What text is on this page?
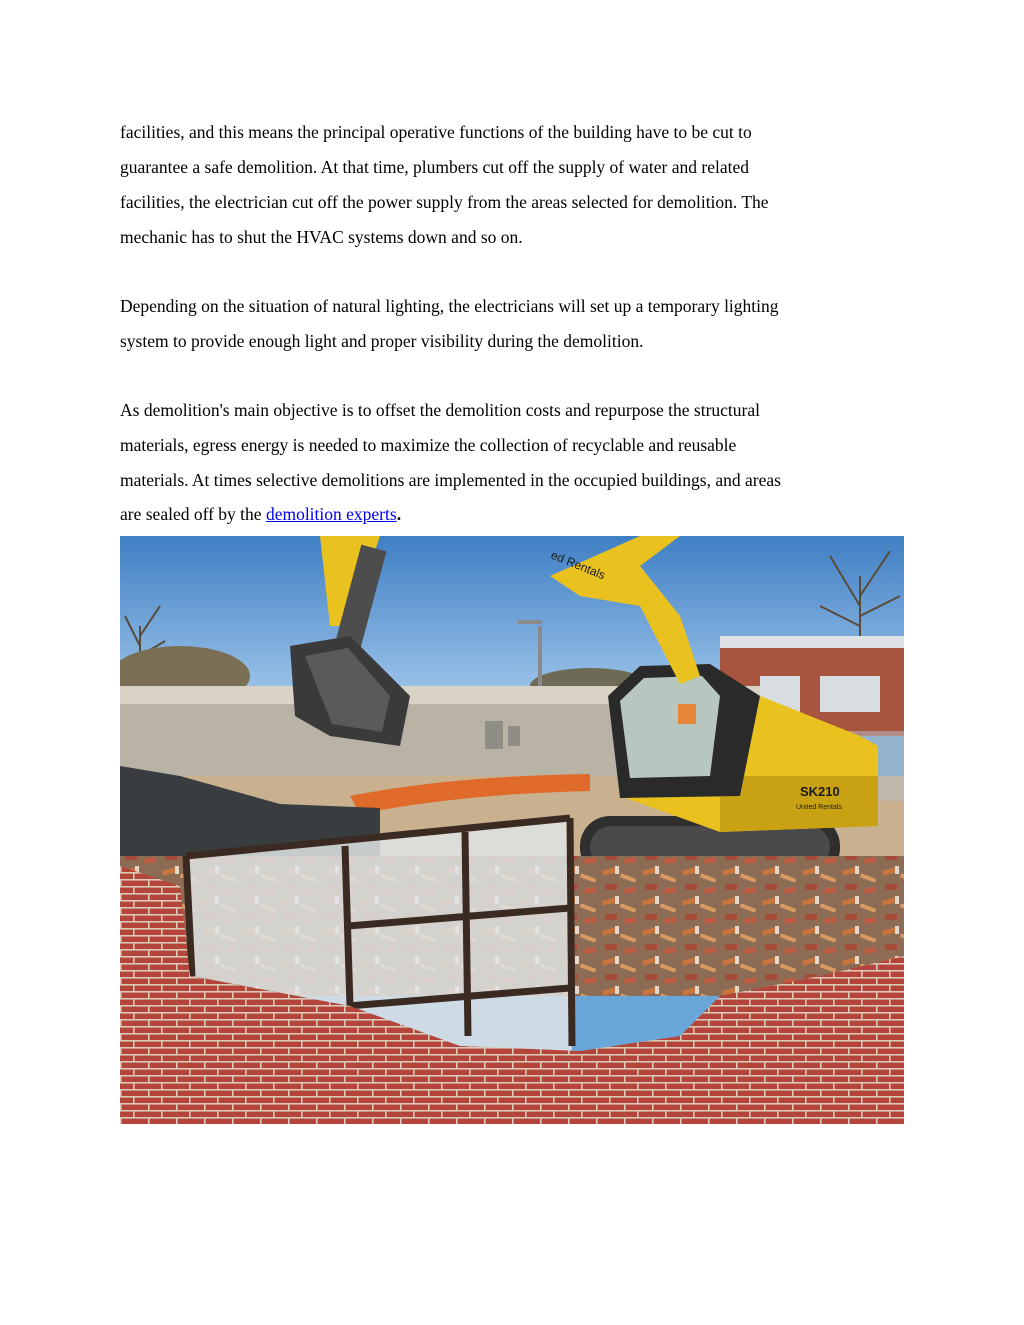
facilities, and this means the principal operative functions of the building have to be cut to
guarantee a safe demolition. At that time, plumbers cut off the supply of water and related
facilities, the electrician cut off the power supply from the areas selected for demolition. The
mechanic has to shut the HVAC systems down and so on.
Depending on the situation of natural lighting, the electricians will set up a temporary lighting
system to provide enough light and proper visibility during the demolition.
As demolition's main objective is to offset the demolition costs and repurpose the structural
materials, egress energy is needed to maximize the collection of recyclable and reusable
materials. At times selective demolitions are implemented in the occupied buildings, and areas
are sealed off by the demolition experts.
ed Rentals
SK210
United Rentals
